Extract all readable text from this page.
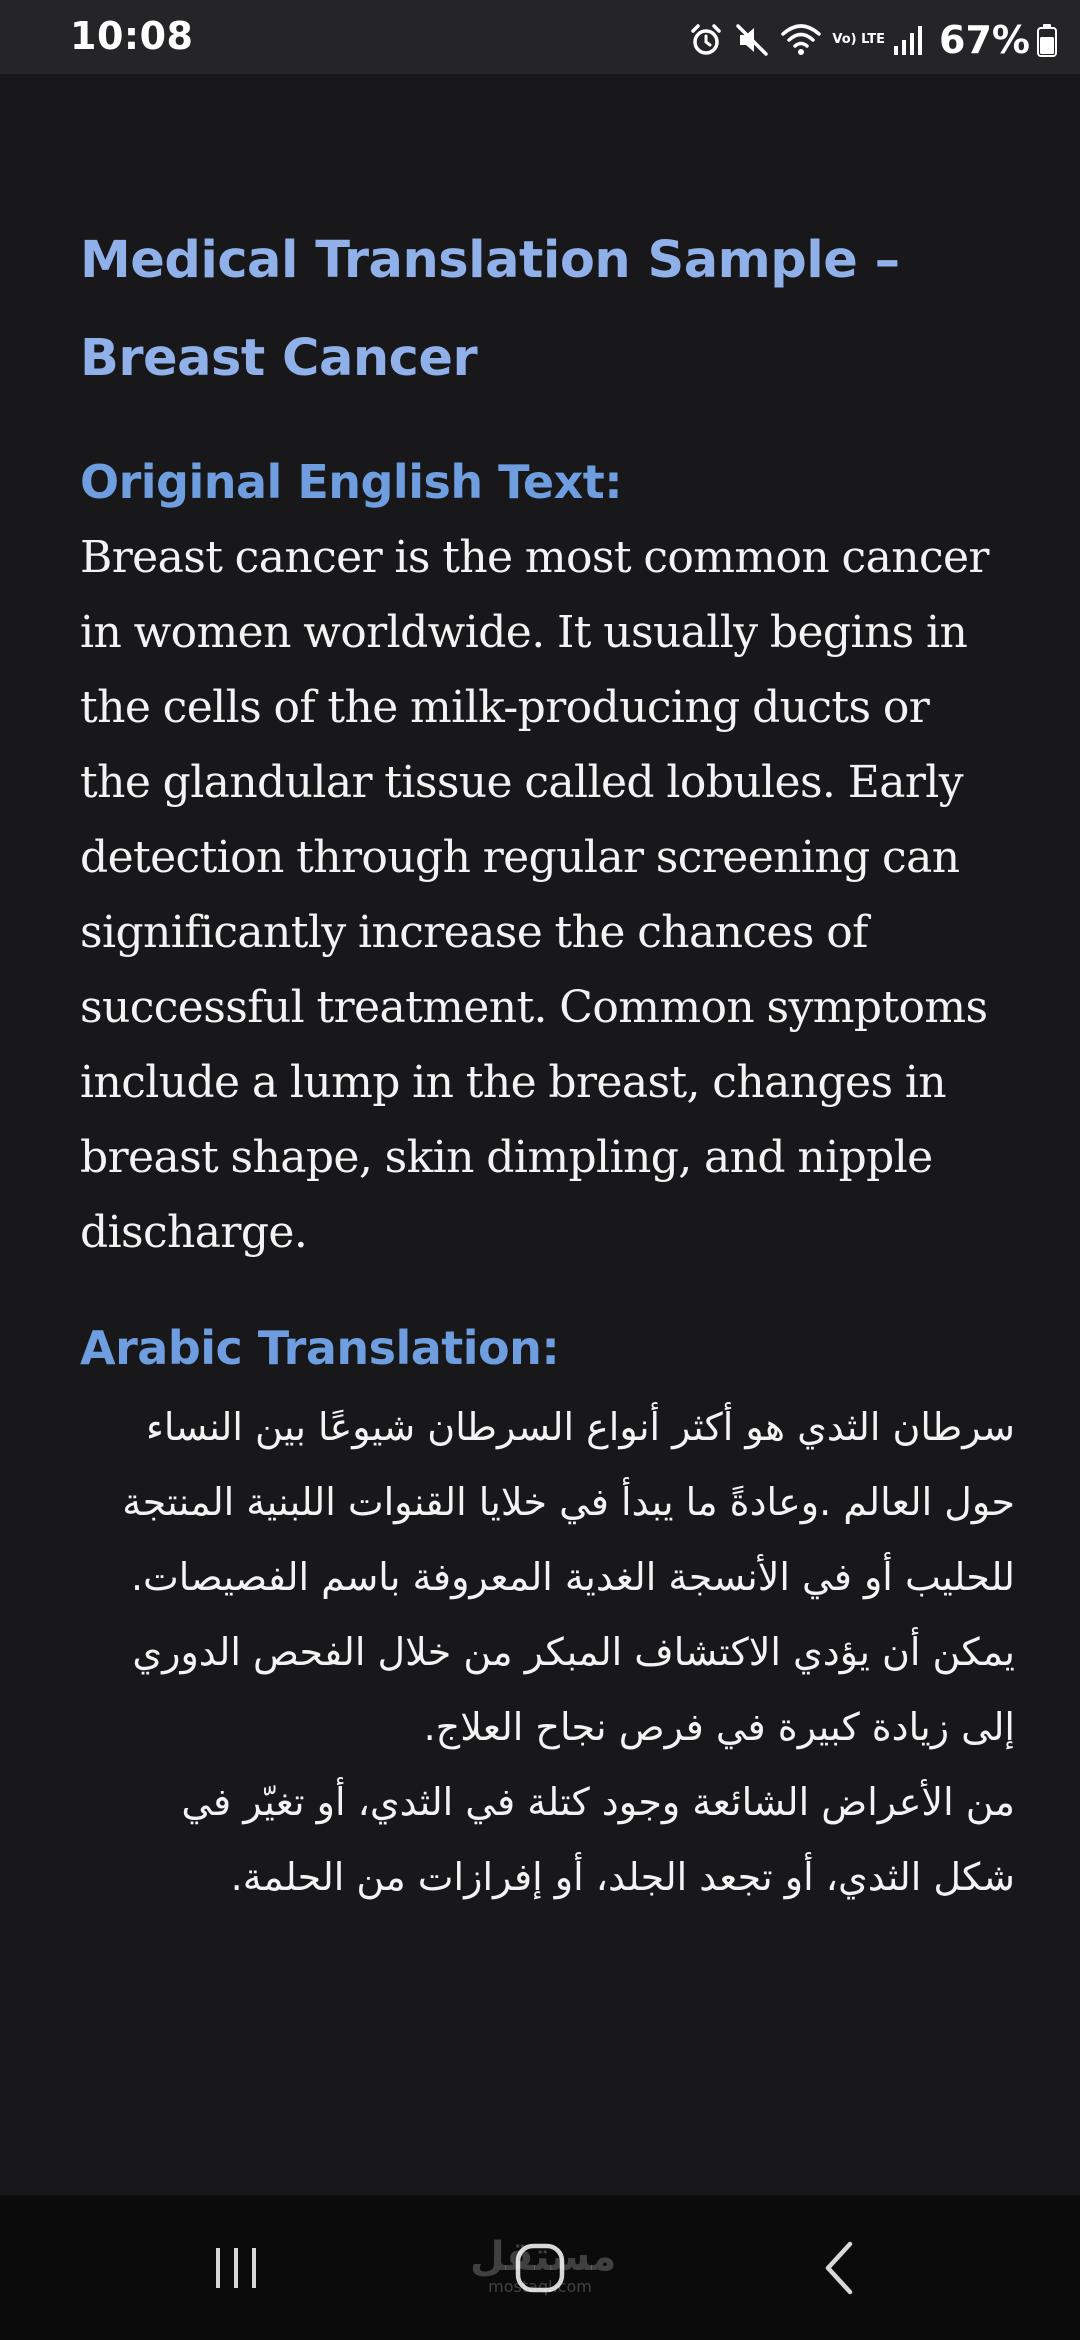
10:08	Vo) LTE 67%
Medical Translation Sample –
Breast Cancer
Original English Text:
Breast cancer is the most common cancer
in women worldwide. It usually begins in
the cells of the milk-producing ducts or
the glandular tissue called lobules. Early
detection through regular screening can
significantly increase the chances of
successful treatment. Common symptoms
include a lump in the breast, changes in
breast shape, skin dimpling, and nipple
discharge.
Arabic Translation:
سرطان الثدي هو أكثر أنواع السرطان شيوعًا بين النساء
حول العالم .وعادةً ما يبدأ في خلايا القنوات اللبنية المنتجة
للحليب أو في الأنسجة الغدية المعروفة باسم الفصيصات.
يمكن أن يؤدي الاكتشاف المبكر من خلال الفحص الدوري
إلى زيادة كبيرة في فرص نجاح العلاج.
من الأعراض الشائعة وجود كتلة في الثدي، أو تغيّر في
شكل الثدي، أو تجعد الجلد، أو إفرازات من الحلمة.
مستقل
mostaql.com
